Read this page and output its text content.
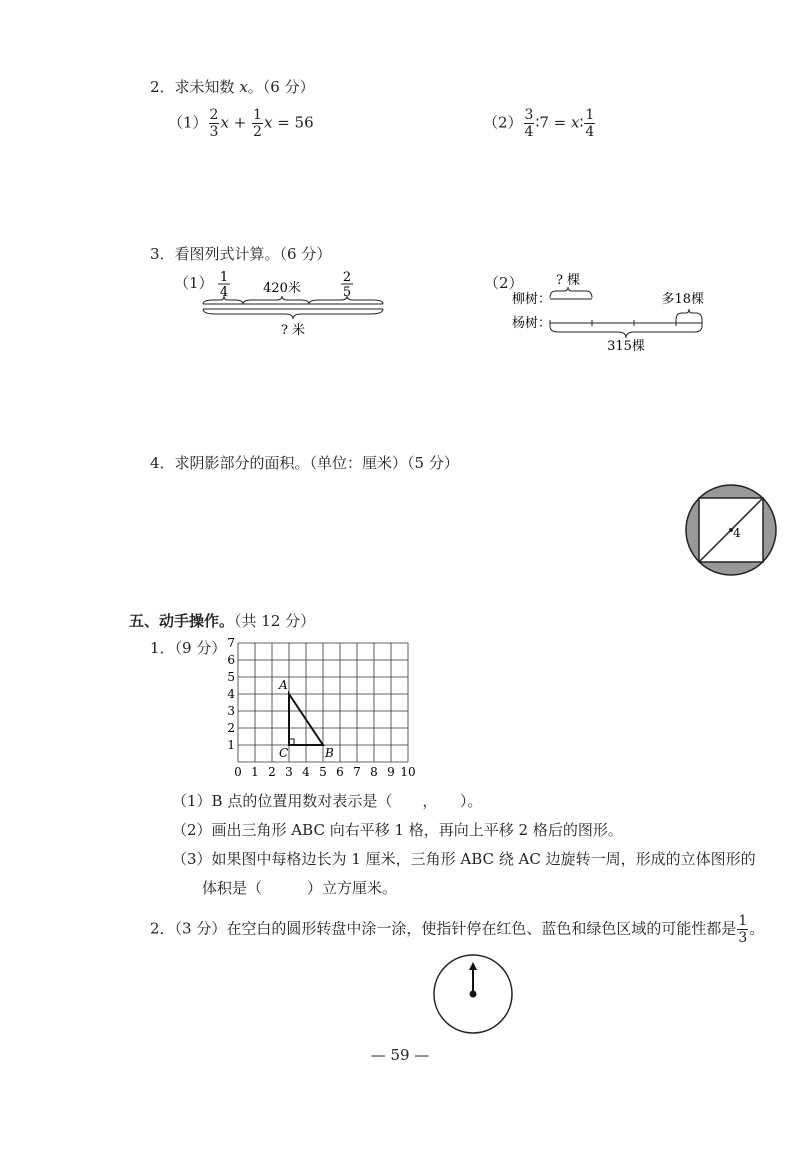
2．求未知数 x。（6 分）
$(1) \frac{2}{3}$ $x + \frac{1}{2}$ x = 56	$(2) \frac{3}{4}$ ∶7 = x∶ $\frac{1}{4}$
3．看图列式计算。（6 分）
（1） 1
4	420米
2
5
? 米
（2） ? 棵
柳树：	多18棵
杨树：
315棵
4．求阴影部分的面积。（单位：厘米）（5 分）
4
五、动手操作。（共 12 分）
1．（9 分）
1
2
3
4
5
6
7
0 1 2 3 4 5 6 7 8 9 10
A
C	B
（1）B 点的位置用数对表示是（　　，　　）。
（2）画出三角形 ABC 向右平移 1 格，再向上平移 2 格后的图形。
（3）如果图中每格边长为 1 厘米，三角形 ABC 绕 AC 边旋转一周，形成的立体图形的
体积是（　　　）立方厘米。
2．（3 分）在空白的圆形转盘中涂一涂，使指针停在红色、蓝色和绿色区域的可能性都是 $\frac{1}{3}$ 。
— 59 —
